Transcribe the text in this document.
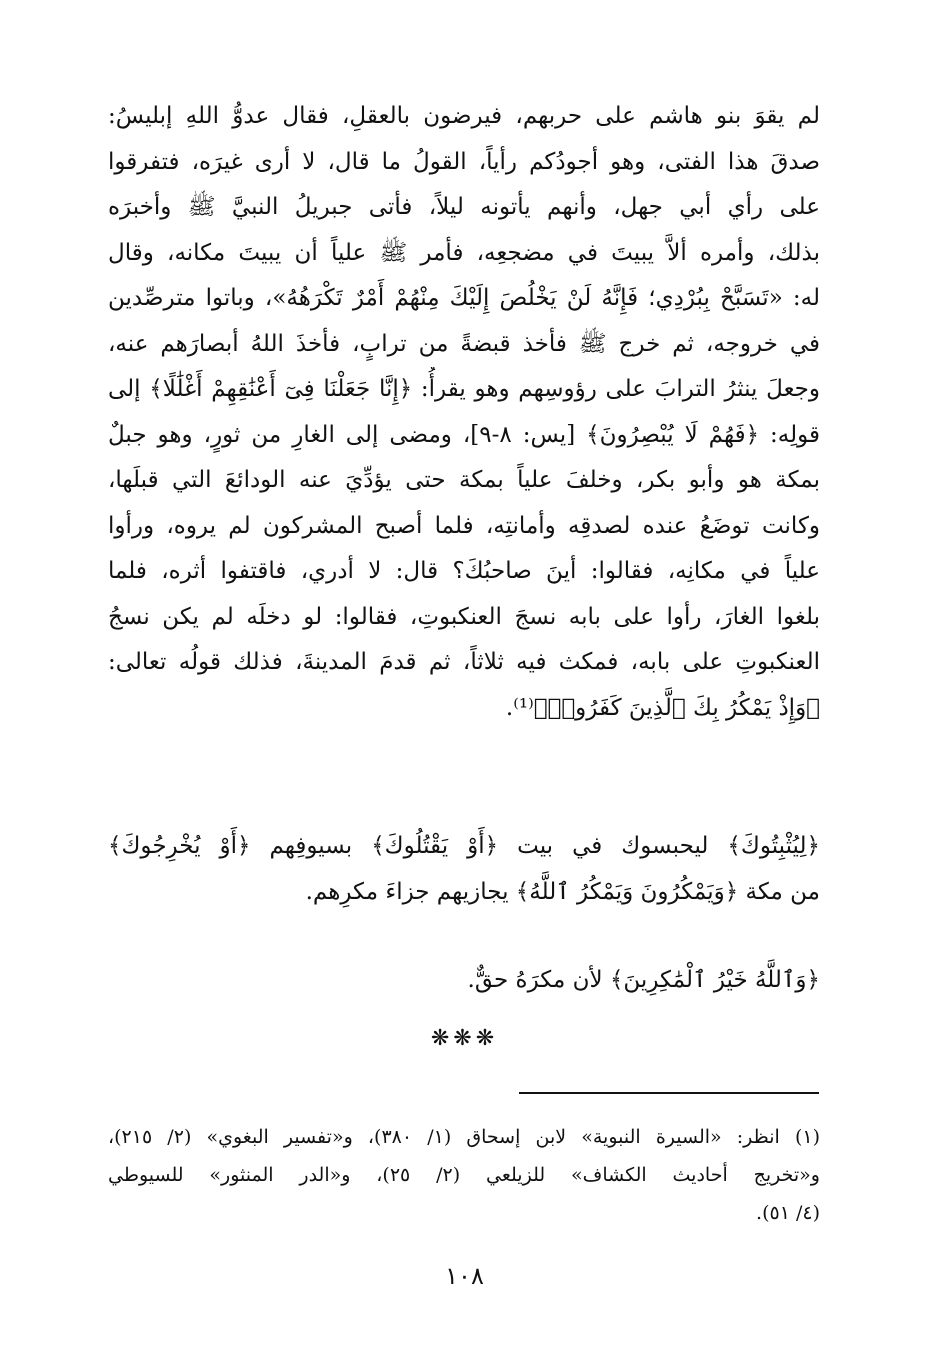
لم يقوَ بنو هاشم على حربهم، فيرضون بالعقلِ، فقال عدوُّ اللهِ إبليسُ:
صدقَ هذا الفتى، وهو أجودُكم رأياً، القولُ ما قال، لا أرى غيرَه، فتفرقوا
على رأي أبي جهل، وأنهم يأتونه ليلاً، فأتى جبريلُ النبيَّ ﷺ وأخبرَه
بذلك، وأمره ألاَّ يبيتَ في مضجعِه، فأمر ﷺ علياً أن يبيتَ مكانه، وقال
له: «تَسَبَّحْ بِبُرْدِي؛ فَإِنَّهُ لَنْ يَخْلُصَ إِلَيْكَ مِنْهُمْ أَمْرٌ تَكْرَهُهُ»، وباتوا مترصِّدين
في خروجه، ثم خرج ﷺ فأخذ قبضةً من ترابٍ، فأخذَ اللهُ أبصارَهم عنه،
وجعلَ ينثرُ الترابَ على رؤوسِهم وهو يقرأُ: ﴿إِنَّا جَعَلْنَا فِىٓ أَعْنَٰقِهِمْ أَغْلَٰلًا﴾ إلى
قولِه: ﴿فَهُمْ لَا يُبْصِرُونَ﴾ [يس: ٨-٩]، ومضى إلى الغارِ من ثورٍ، وهو جبلٌ
بمكة هو وأبو بكر، وخلفَ علياً بمكة حتى يؤدِّيَ عنه الودائعَ التي قبلَها،
وكانت توضَعُ عنده لصدقِه وأمانتِه، فلما أصبح المشركون لم يروه، ورأوا
علياً في مكانِه، فقالوا: أينَ صاحبُكَ؟ قال: لا أدري، فاقتفوا أثره، فلما
بلغوا الغارَ، رأوا على بابه نسجَ العنكبوتِ، فقالوا: لو دخلَه لم يكن نسجُ
العنكبوتِ على بابه، فمكث فيه ثلاثاً، ثم قدمَ المدينةَ، فذلك قولُه تعالى:
﴿وَإِذْ يَمْكُرُ بِكَ ٱلَّذِينَ كَفَرُوا۟﴾⁽¹⁾.
﴿لِيُثْبِتُوكَ﴾ ليحبسوك في بيت ﴿أَوْ يَقْتُلُوكَ﴾ بسيوفِهم ﴿أَوْ يُخْرِجُوكَ﴾
من مكة ﴿وَيَمْكُرُونَ وَيَمْكُرُ ٱللَّهُ﴾ يجازيهم جزاءَ مكرِهم.
﴿وَٱللَّهُ خَيْرُ ٱلْمَٰكِرِينَ﴾ لأن مكرَهُ حقٌّ.
❋❋❋
(١) انظر: «السيرة النبوية» لابن إسحاق (١/ ٣٨٠)، و«تفسير البغوي» (٢/ ٢١٥)،
و«تخريج أحاديث الكشاف» للزيلعي (٢/ ٢٥)، و«الدر المنثور» للسيوطي
(٤/ ٥١).
١٠٨
